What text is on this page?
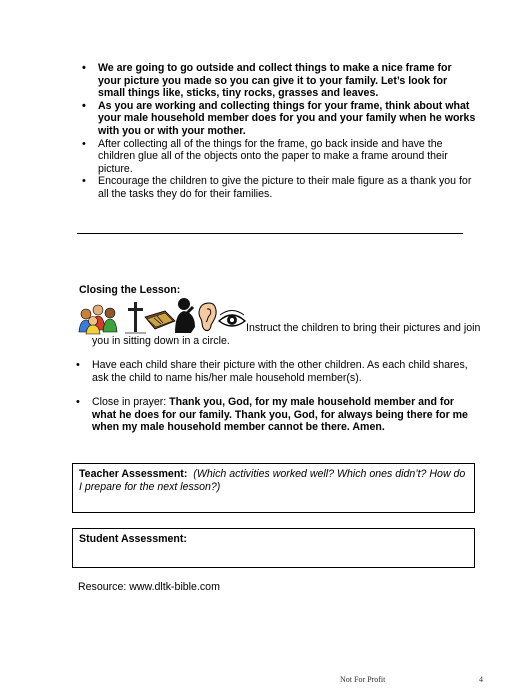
• We are going to go outside and collect things to make a nice frame for your picture you made so you can give it to your family. Let’s look for small things like, sticks, tiny rocks, grasses and leaves.
• As you are working and collecting things for your frame, think about what your male household member does for you and your family when he works with you or with your mother.
• After collecting all of the things for the frame, go back inside and have the children glue all of the objects onto the paper to make a frame around their picture.
• Encourage the children to give the picture to their male figure as a thank you for all the tasks they do for their families.
Closing the Lesson:
Instruct the children to bring their pictures and join you in sitting down in a circle.
• Have each child share their picture with the other children. As each child shares, ask the child to name his/her male household member(s).
• Close in prayer: Thank you, God, for my male household member and for what he does for our family. Thank you, God, for always being there for me when my male household member cannot be there. Amen.
Teacher Assessment: (Which activities worked well? Which ones didn’t? How do I prepare for the next lesson?)
Student Assessment:
Resource: www.dltk-bible.com
Not For Profit	4
